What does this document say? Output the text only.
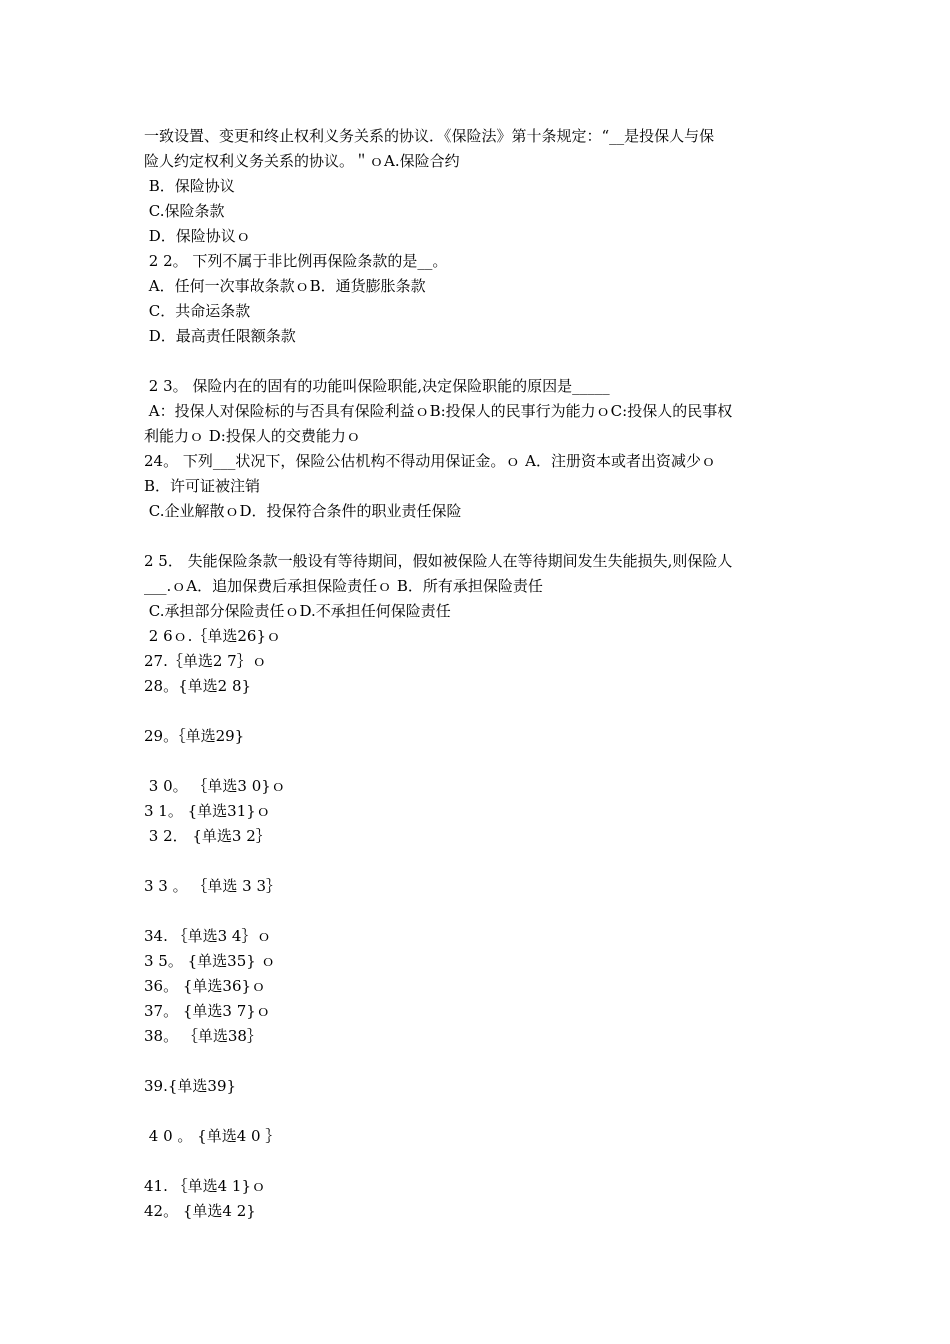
一致设置、变更和终止权利义务关系的协议．《保险法》第十条规定：“__是投保人与保
险人约定权利义务关系的协议。＂ｏA.保险合约
B．保险协议
C.保险条款
D．保险协议ｏ
2 2。 下列不属于非比例再保险条款的是__。
A．任何一次事故条款ｏB．通货膨胀条款
C．共命运条款
D．最高责任限额条款
2 3。 保险内在的固有的功能叫保险职能,决定保险职能的原因是_____
A：投保人对保险标的与否具有保险利益ｏB:投保人的民事行为能力ｏC:投保人的民事权
利能力ｏ D:投保人的交费能力ｏ
24。 下列___状况下，保险公估机构不得动用保证金。ｏ A．注册资本或者出资减少ｏ
B．许可证被注销
C.企业解散ｏD．投保符合条件的职业责任保险
2 5． 失能保险条款一般设有等待期间，假如被保险人在等待期间发生失能损失,则保险人
___.ｏA．追加保费后承担保险责任ｏ B．所有承担保险责任
C.承担部分保险责任ｏD.不承担任何保险责任
2 6ｏ.｛单选26}ｏ
27.｛单选2 7｝ｏ
28。{单选2 8}
29。｛单选29}
3 0。 ｛单选3 0}ｏ
3 1。 {单选31}ｏ
3 2． {单选3 2｝
3 3 。 ｛单选 3 3｝
34. ｛单选3 4｝ｏ
3 5。 {单选35} ｏ
36。 {单选36}ｏ
37。 {单选3 7}ｏ
38。 ｛单选38｝
39.{单选39}
4 0 。 {单选4 0 ｝
41. ｛单选4 1}ｏ
42。 {单选4 2}
